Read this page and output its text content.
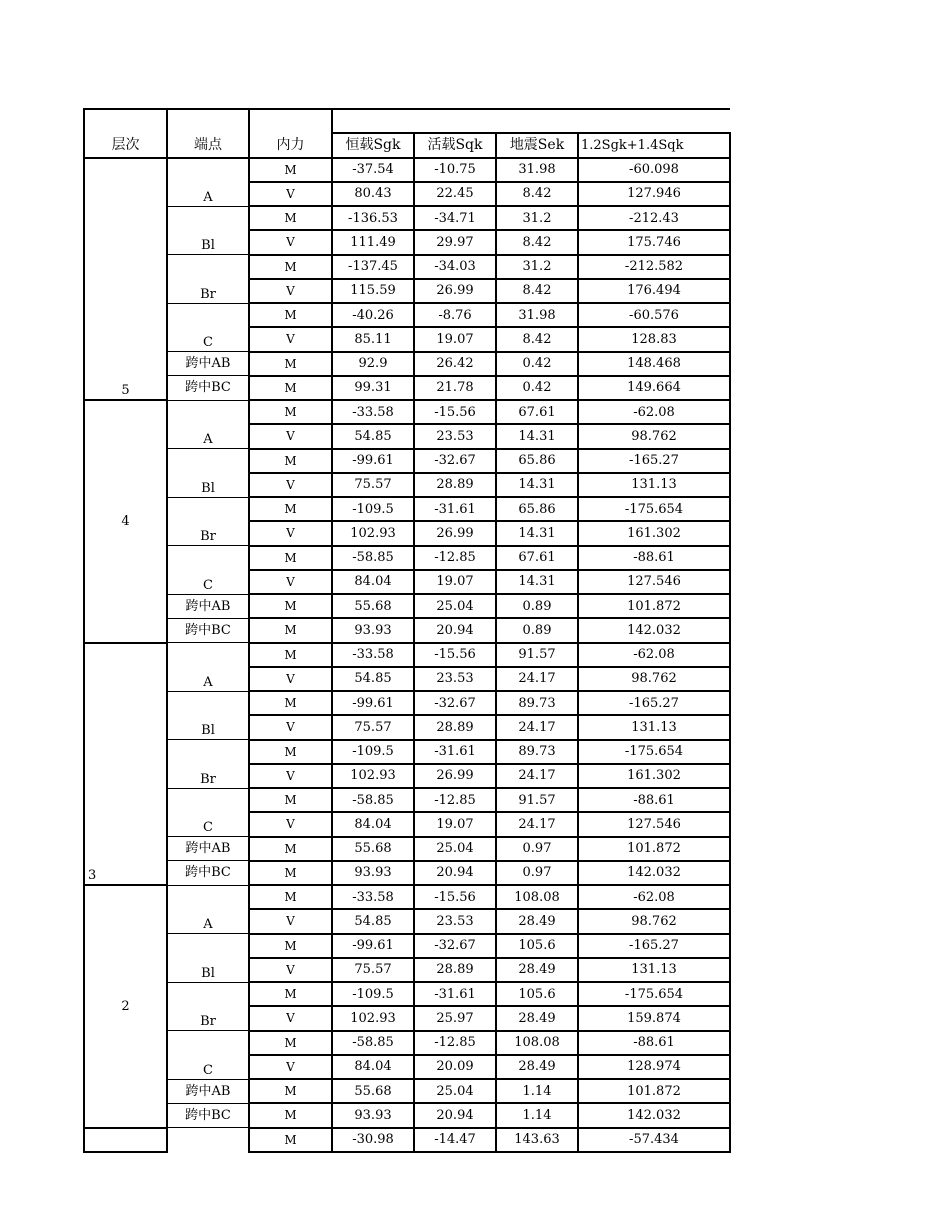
层次	端点	内力	恒载Sgk	活载Sqk	地震Sek	1.2Sgk+1.4Sqk
5	A	M	-37.54	-10.75	31.98	-60.098
		V	80.43	22.45	8.42	127.946
	Bl	M	-136.53	-34.71	31.2	-212.43
		V	111.49	29.97	8.42	175.746
	Br	M	-137.45	-34.03	31.2	-212.582
		V	115.59	26.99	8.42	176.494
	C	M	-40.26	-8.76	31.98	-60.576
		V	85.11	19.07	8.42	128.83
	跨中AB	M	92.9	26.42	0.42	148.468
	跨中BC	M	99.31	21.78	0.42	149.664
4	A	M	-33.58	-15.56	67.61	-62.08
		V	54.85	23.53	14.31	98.762
	Bl	M	-99.61	-32.67	65.86	-165.27
		V	75.57	28.89	14.31	131.13
	Br	M	-109.5	-31.61	65.86	-175.654
		V	102.93	26.99	14.31	161.302
	C	M	-58.85	-12.85	67.61	-88.61
		V	84.04	19.07	14.31	127.546
	跨中AB	M	55.68	25.04	0.89	101.872
	跨中BC	M	93.93	20.94	0.89	142.032
3	A	M	-33.58	-15.56	91.57	-62.08
		V	54.85	23.53	24.17	98.762
	Bl	M	-99.61	-32.67	89.73	-165.27
		V	75.57	28.89	24.17	131.13
	Br	M	-109.5	-31.61	89.73	-175.654
		V	102.93	26.99	24.17	161.302
	C	M	-58.85	-12.85	91.57	-88.61
		V	84.04	19.07	24.17	127.546
	跨中AB	M	55.68	25.04	0.97	101.872
	跨中BC	M	93.93	20.94	0.97	142.032
2	A	M	-33.58	-15.56	108.08	-62.08
		V	54.85	23.53	28.49	98.762
	Bl	M	-99.61	-32.67	105.6	-165.27
		V	75.57	28.89	28.49	131.13
	Br	M	-109.5	-31.61	105.6	-175.654
		V	102.93	25.97	28.49	159.874
	C	M	-58.85	-12.85	108.08	-88.61
		V	84.04	20.09	28.49	128.974
	跨中AB	M	55.68	25.04	1.14	101.872
	跨中BC	M	93.93	20.94	1.14	142.032
		M	-30.98	-14.47	143.63	-57.434
